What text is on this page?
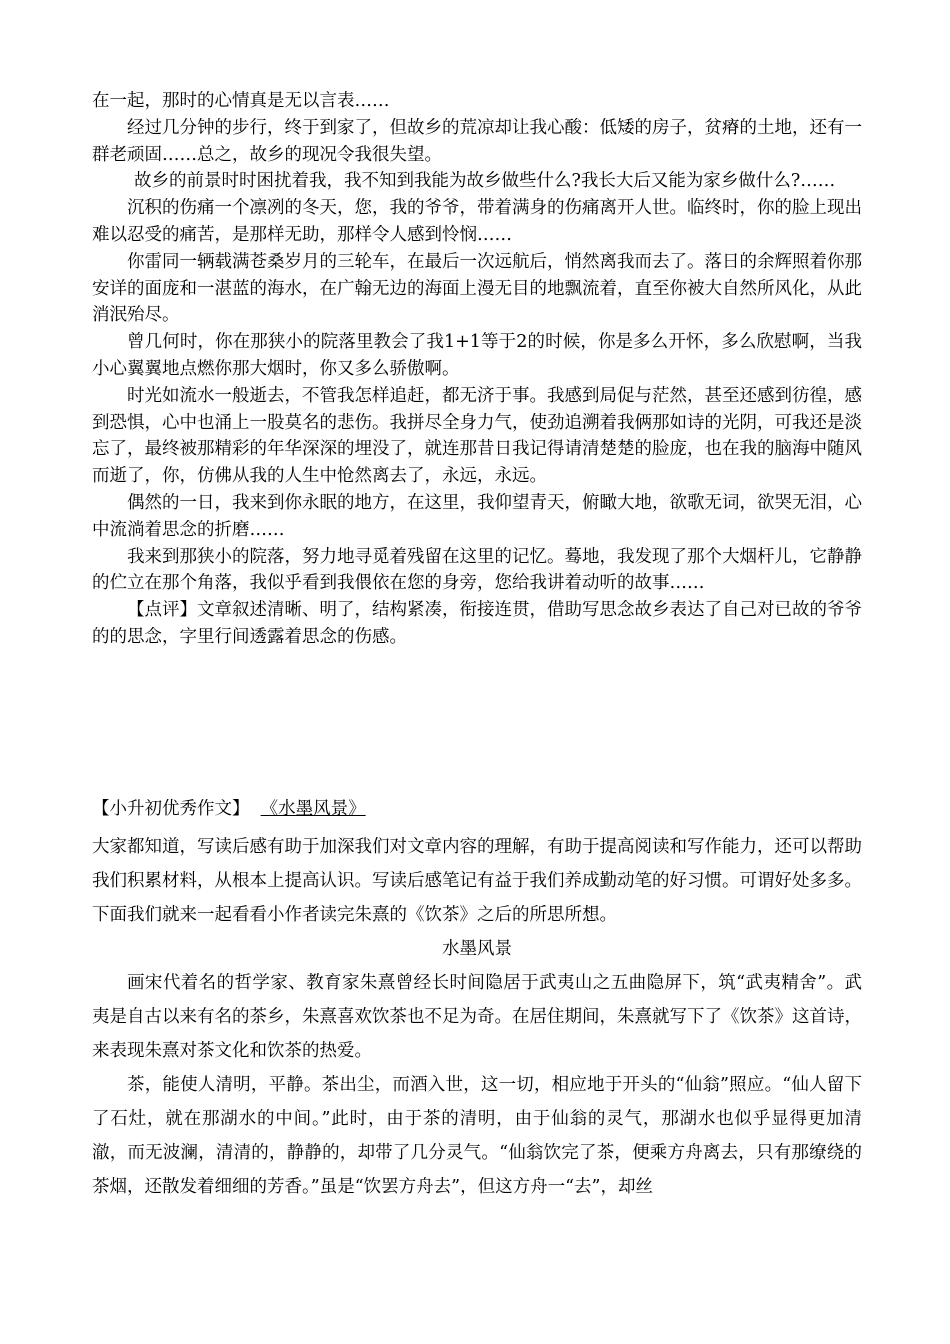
在一起，那时的心情真是无以言表……

经过几分钟的步行，终于到家了，但故乡的荒凉却让我心酸：低矮的房子，贫瘠的土地，还有一群老顽固……总之，故乡的现况令我很失望。

故乡的前景时时困扰着我，我不知到我能为故乡做些什么?我长大后又能为家乡做什么?……

沉积的伤痛一个凛冽的冬天，您，我的爷爷，带着满身的伤痛离开人世。临终时，你的脸上现出难以忍受的痛苦，是那样无助，那样令人感到怜悯……

你雷同一辆载满苍桑岁月的三轮车，在最后一次远航后，悄然离我而去了。落日的余辉照着你那安详的面庞和一湛蓝的海水，在广翰无边的海面上漫无目的地飘流着，直至你被大自然所风化，从此消泯殆尽。

曾几何时，你在那狭小的院落里教会了我1+1等于2的时候，你是多么开怀，多么欣慰啊，当我小心翼翼地点燃你那大烟时，你又多么骄傲啊。

时光如流水一般逝去，不管我怎样追赶，都无济于事。我感到局促与茫然，甚至还感到彷徨，感到恐惧，心中也涌上一股莫名的悲伤。我拼尽全身力气，使劲追溯着我俩那如诗的光阴，可我还是淡忘了，最终被那精彩的年华深深的埋没了，就连那昔日我记得请清楚楚的脸庞，也在我的脑海中随风而逝了，你，仿佛从我的人生中怆然离去了，永远，永远。

偶然的一日，我来到你永眠的地方，在这里，我仰望青天，俯瞰大地，欲歌无词，欲哭无泪，心中流淌着思念的折磨……

我来到那狭小的院落，努力地寻觅着残留在这里的记忆。蓦地，我发现了那个大烟杆儿，它静静的伫立在那个角落，我似乎看到我偎依在您的身旁，您给我讲着动听的故事……

【点评】文章叙述清晰、明了，结构紧凑，衔接连贯，借助写思念故乡表达了自己对已故的爷爷的的思念，字里行间透露着思念的伤感。

【小升初优秀作文】 《水墨风景》

大家都知道，写读后感有助于加深我们对文章内容的理解，有助于提高阅读和写作能力，还可以帮助我们积累材料，从根本上提高认识。写读后感笔记有益于我们养成勤动笔的好习惯。可谓好处多多。下面我们就来一起看看小作者读完朱熹的《饮茶》之后的所思所想。

水墨风景

画宋代着名的哲学家、教育家朱熹曾经长时间隐居于武夷山之五曲隐屏下，筑“武夷精舍”。武夷是自古以来有名的茶乡，朱熹喜欢饮茶也不足为奇。在居住期间，朱熹就写下了《饮茶》这首诗，来表现朱熹对茶文化和饮茶的热爱。

茶，能使人清明，平静。茶出尘，而酒入世，这一切，相应地于开头的“仙翁”照应。“仙人留下了石灶，就在那湖水的中间。”此时，由于茶的清明，由于仙翁的灵气，那湖水也似乎显得更加清澈，而无波澜，清清的，静静的，却带了几分灵气。“仙翁饮完了茶，便乘方舟离去，只有那缭绕的茶烟，还散发着细细的芳香。”虽是“饮罢方舟去”，但这方舟一“去”，却丝
